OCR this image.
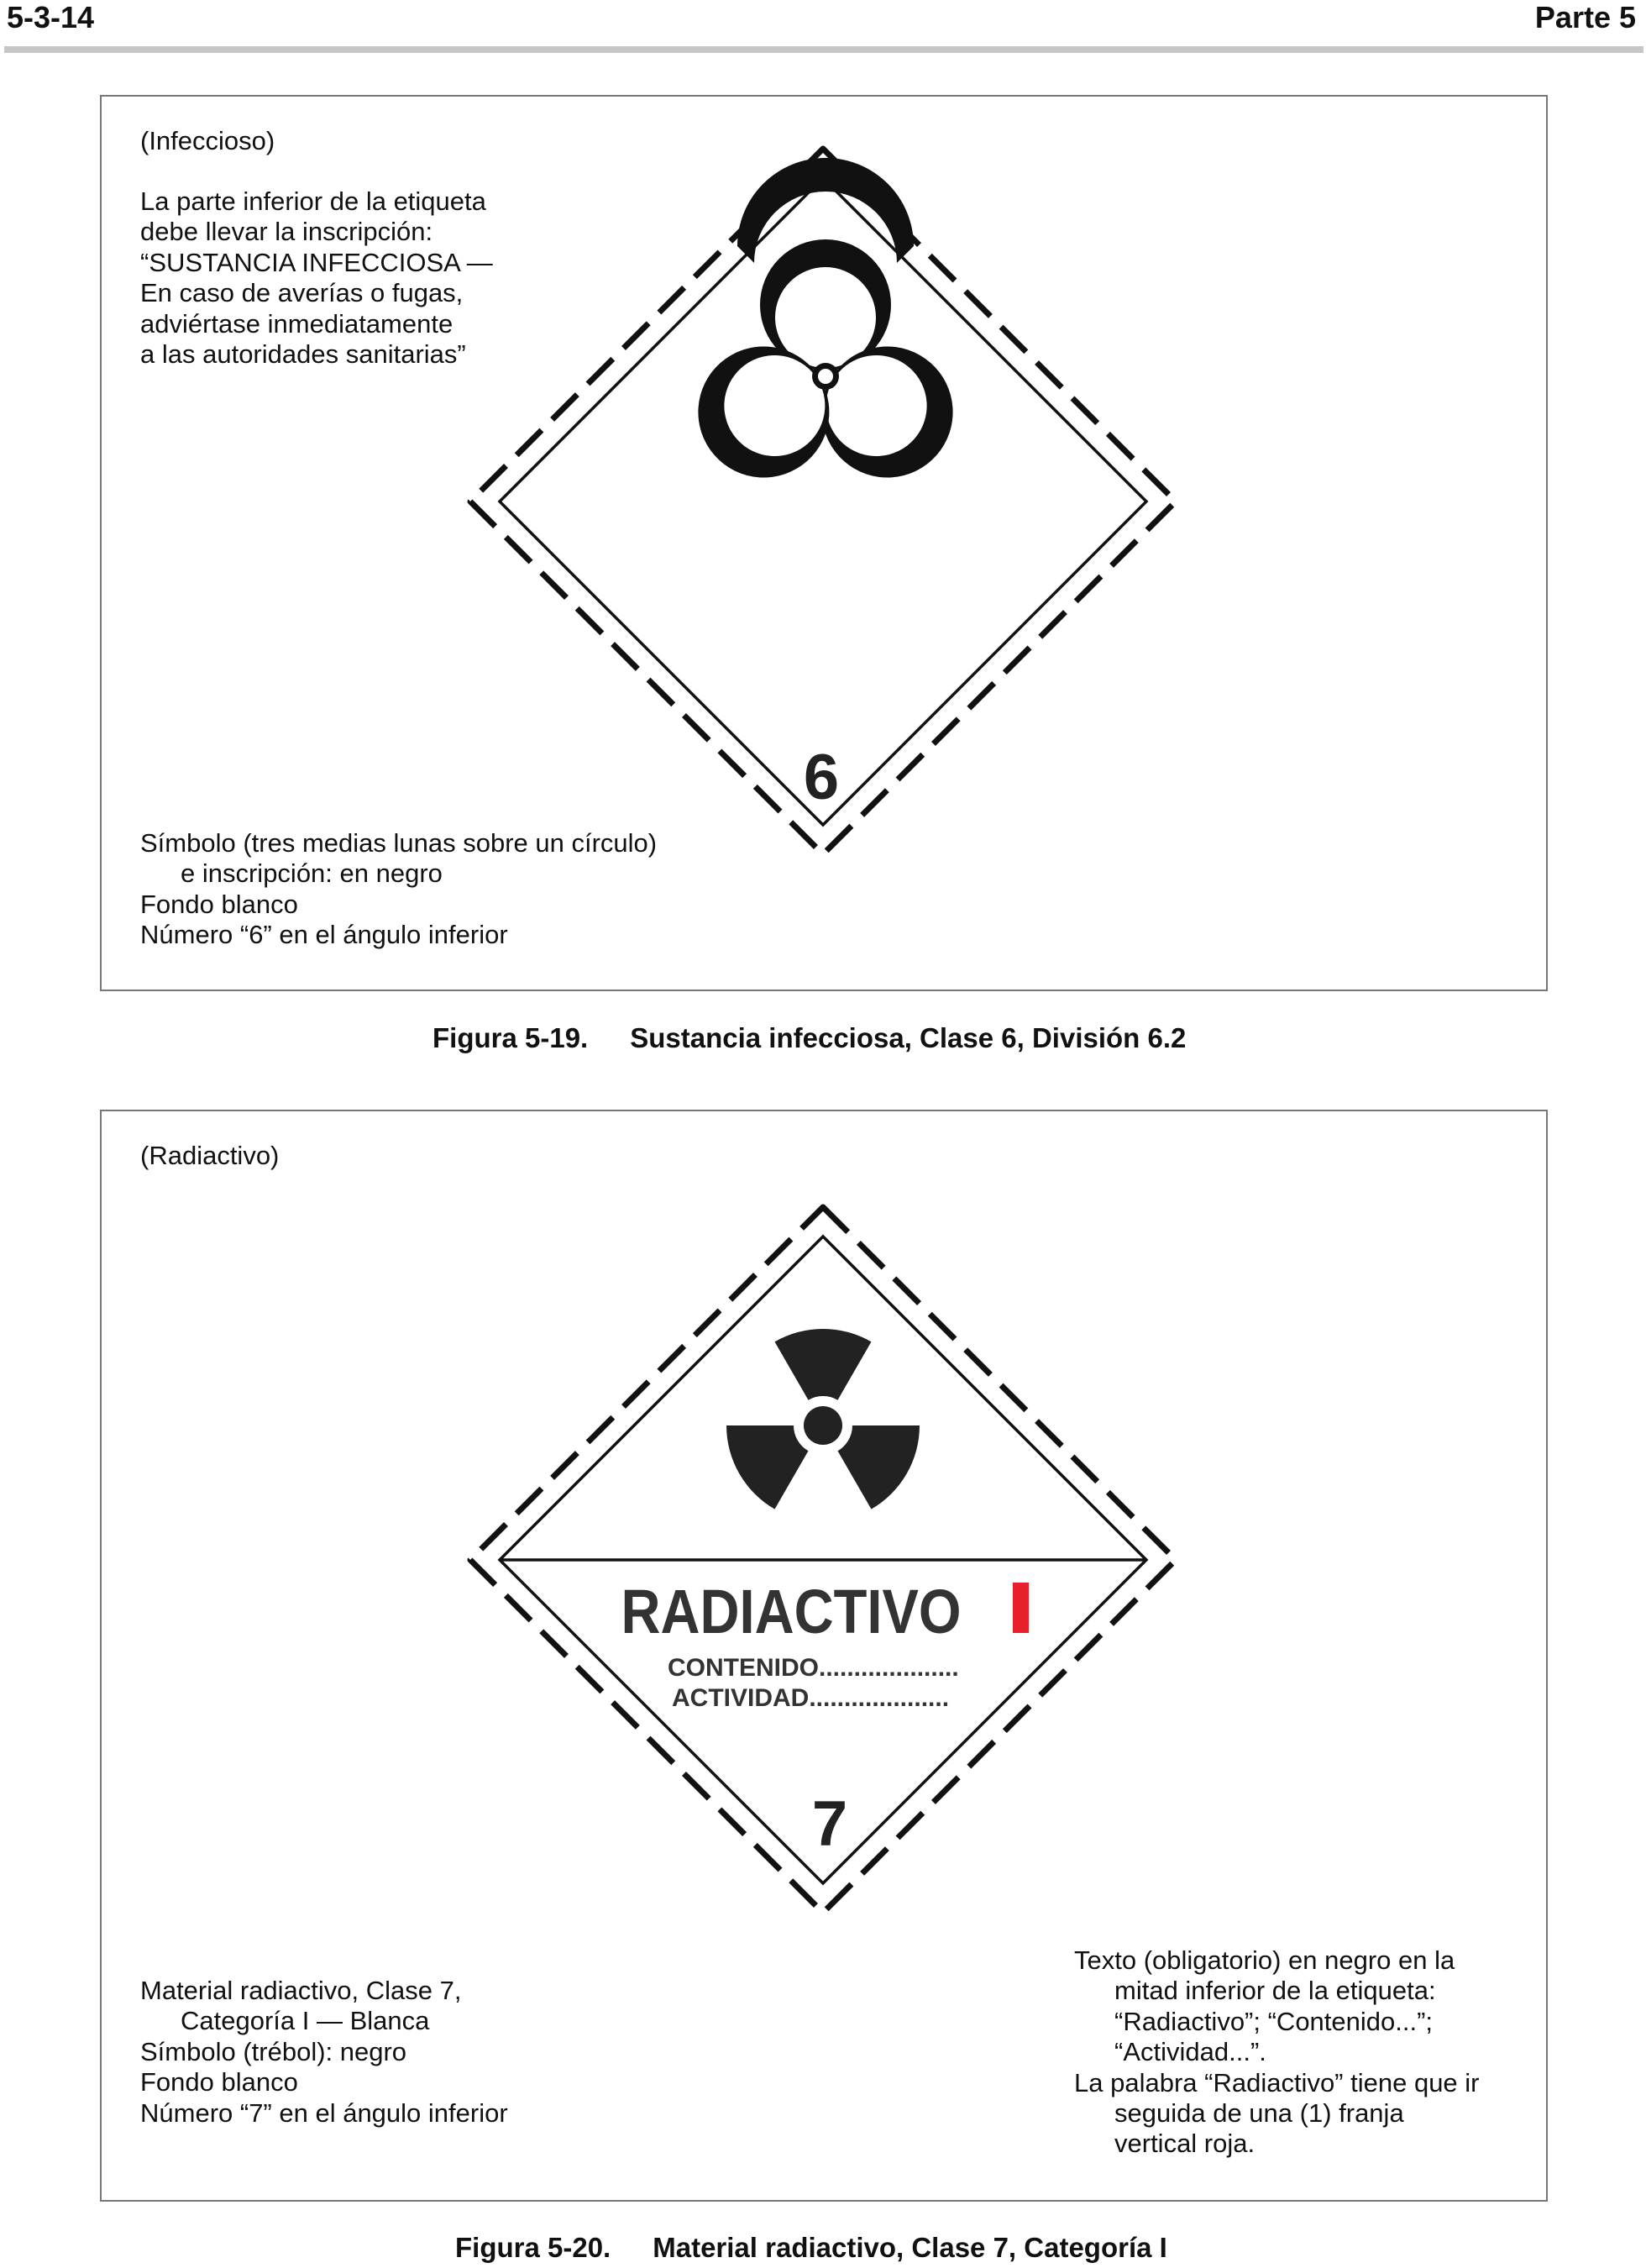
5-3-14	Parte 5
(Infeccioso)
La parte inferior de la etiqueta
debe llevar la inscripción:
“SUSTANCIA INFECCIOSA —
En caso de averías o fugas,
adviértase inmediatamente
a las autoridades sanitarias”
Símbolo (tres medias lunas sobre un círculo)
e inscripción: en negro
Fondo blanco
Número “6” en el ángulo inferior
6
Figura 5-19. Sustancia infecciosa, Clase 6, División 6.2
(Radiactivo)
RADIACTIVO
CONTENIDO....................
ACTIVIDAD....................
7
Material radiactivo, Clase 7,
Categoría I — Blanca
Símbolo (trébol): negro
Fondo blanco
Número “7” en el ángulo inferior
Texto (obligatorio) en negro en la
mitad inferior de la etiqueta:
“Radiactivo”; “Contenido...”;
“Actividad...”.
La palabra “Radiactivo” tiene que ir
seguida de una (1) franja
vertical roja.
Figura 5-20. Material radiactivo, Clase 7, Categoría I
